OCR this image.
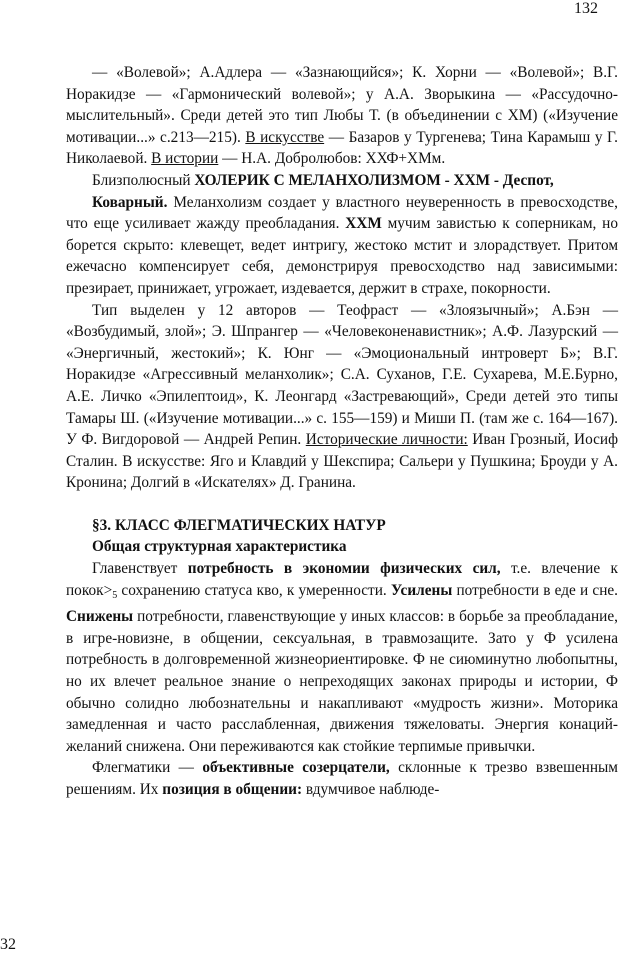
132

— «Волевой»; А.Адлера — «Зазнающийся»; К. Хорни — «Волевой»; В.Г. Норакидзе — «Гармонический волевой»; у А.А. Зворыкина — «Рассудочно-мыслительный». Среди детей это тип Любы Т. (в объединении с ХМ) («Изучение мотивации...» с.213—215). В искусстве — Базаров у Тургенева; Тина Карамыш у Г. Николаевой. В истории — Н.А. Добролюбов: ХХФ+ХМм.

Близполюсный ХОЛЕРИК С МЕЛАНХОЛИЗМОМ - ХХМ - Деспот,

Коварный. Меланхолизм создает у властного неуверенность в превосходстве, что еще усиливает жажду преобладания. ХХМ мучим завистью к соперникам, но борется скрыто: клевещет, ведет интригу, жестоко мстит и злорадствует. Притом ежечасно компенсирует себя, демонстрируя превосходство над зависимыми: презирает, принижает, угрожает, издевается, держит в страхе, покорности.

Тип выделен у 12 авторов — Теофраст — «Злоязычный»; А.Бэн — «Возбудимый, злой»; Э. Шпрангер — «Человеконенавистник»; А.Ф. Лазурский — «Энергичный, жестокий»; К. Юнг — «Эмоциональный интроверт Б»; В.Г. Норакидзе «Агрессивный меланхолик»; С.А. Суханов, Г.Е. Сухарева, М.Е.Бурно, А.Е. Личко «Эпилептоид», К. Леонгард «Застревающий», Среди детей это типы Тамары Ш. («Изучение мотивации...» с. 155—159) и Миши П. (там же с. 164—167). У Ф. Вигдоровой — Андрей Репин. Исторические личности: Иван Грозный, Иосиф Сталин. В искусстве: Яго и Клавдий у Шекспира; Сальери у Пушкина; Броуди у А. Кронина; Долгий в «Искателях» Д. Гранина.

§3. КЛАСС ФЛЕГМАТИЧЕСКИХ НАТУР
Общая структурная характеристика

Главенствует потребность в экономии физических сил, т.е. влечение к $покок>_5$ сохранению статуса кво, к умеренности. Усилены потребности в еде и сне. Снижены потребности, главенствующие у иных классов: в борьбе за преобладание, в игре-новизне, в общении, сексуальная, в травмозащите. Зато у Ф усилена потребность в долговременной жизнеориентировке. Ф не сиюминутно любопытны, но их влечет реальное знание о непреходящих законах природы и истории, Ф обычно солидно любознательны и накапливают «мудрость жизни». Моторика замедленная и часто расслабленная, движения тяжеловаты. Энергия конаций-желаний снижена. Они переживаются как стойкие терпимые привычки.

Флегматики — объективные созерцатели, склонные к трезво взвешенным решениям. Их позиция в общении: вдумчивое наблюде-

32
